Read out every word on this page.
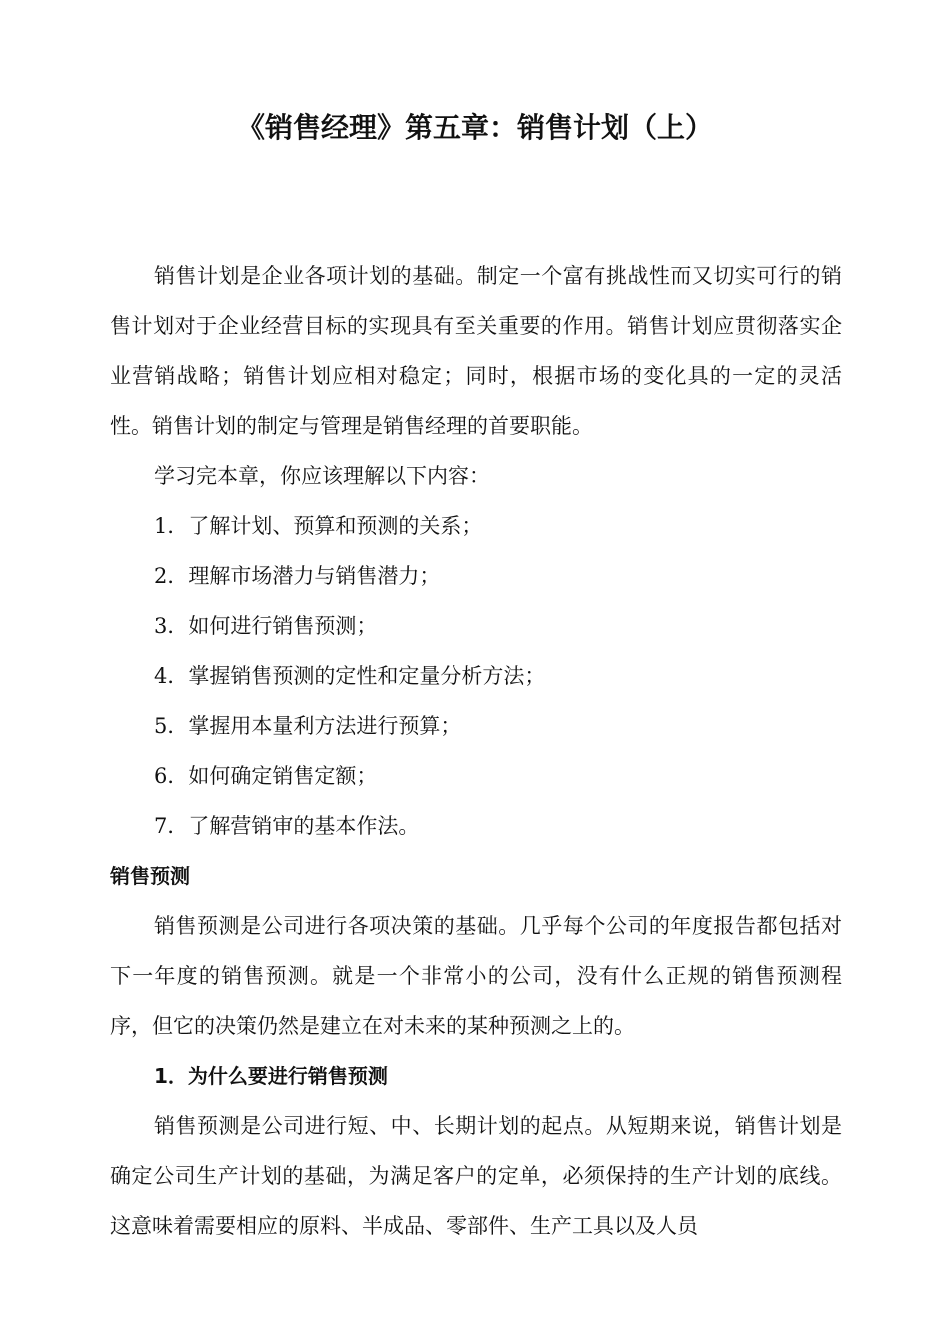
《销售经理》第五章：销售计划（上）

销售计划是企业各项计划的基础。制定一个富有挑战性而又切实可行的销售计划对于企业经营目标的实现具有至关重要的作用。销售计划应贯彻落实企业营销战略；销售计划应相对稳定；同时，根据市场的变化具的一定的灵活性。销售计划的制定与管理是销售经理的首要职能。

学习完本章，你应该理解以下内容：

1．了解计划、预算和预测的关系；

2．理解市场潜力与销售潜力；

3．如何进行销售预测；

4．掌握销售预测的定性和定量分析方法；

5．掌握用本量利方法进行预算；

6．如何确定销售定额；

7．了解营销审的基本作法。

销售预测

销售预测是公司进行各项决策的基础。几乎每个公司的年度报告都包括对下一年度的销售预测。就是一个非常小的公司，没有什么正规的销售预测程序，但它的决策仍然是建立在对未来的某种预测之上的。

1．为什么要进行销售预测

销售预测是公司进行短、中、长期计划的起点。从短期来说，销售计划是确定公司生产计划的基础，为满足客户的定单，必须保持的生产计划的底线。这意味着需要相应的原料、半成品、零部件、生产工具以及人员
